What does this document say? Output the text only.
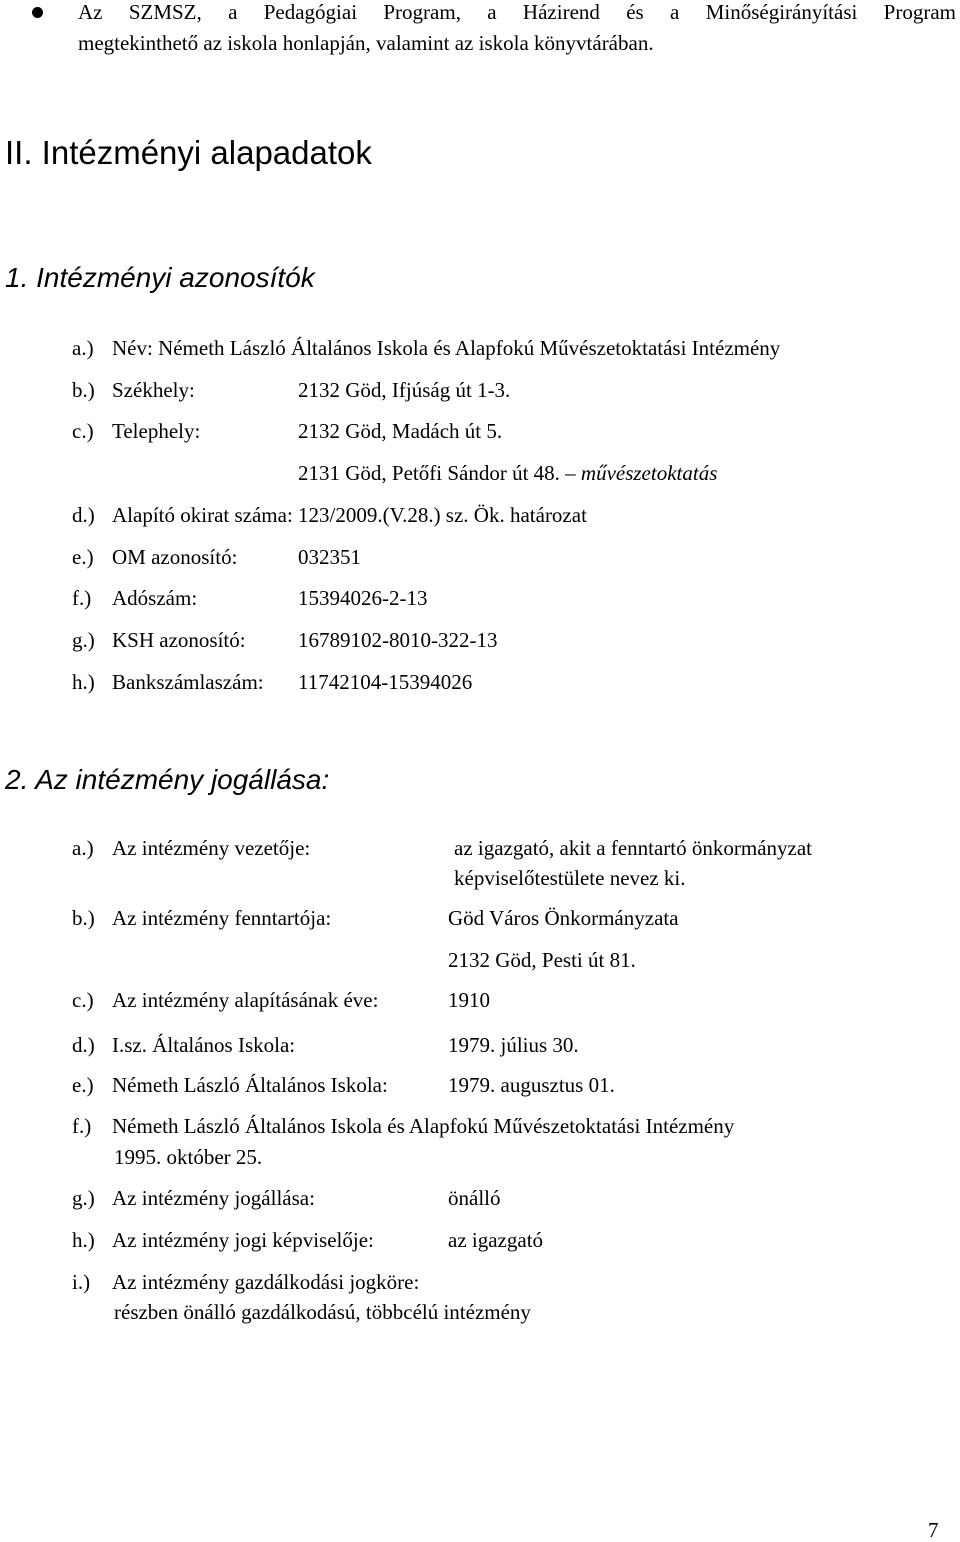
Az SZMSZ, a Pedagógiai Program, a Házirend és a Minőségirányítási Program
megtekinthető az iskola honlapján, valamint az iskola könyvtárában.
II. Intézményi alapadatok
1. Intézményi azonosítók
a.) Név: Németh László Általános Iskola és Alapfokú Művészetoktatási Intézmény
b.) Székhely:	2132 Göd, Ifjúság út 1-3.
c.) Telephely:	2132 Göd, Madách út 5.
2131 Göd, Petőfi Sándor út 48. – művészetoktatás
d.) Alapító okirat száma: 123/2009.(V.28.) sz. Ök. határozat
e.) OM azonosító:	032351
f.) Adószám:	15394026-2-13
g.) KSH azonosító: 16789102-8010-322-13
h.) Bankszámlaszám: 11742104-15394026
2. Az intézmény jogállása:
a.) Az intézmény vezetője:	az igazgató, akit a fenntartó önkormányzat
képviselőtestülete nevez ki.
b.) Az intézmény fenntartója:	Göd Város Önkormányzata
2132 Göd, Pesti út 81.
c.) Az intézmény alapításának éve:	1910
d.) I.sz. Általános Iskola:	1979. július 30.
e.) Németh László Általános Iskola:	1979. augusztus 01.
f.) Németh László Általános Iskola és Alapfokú Művészetoktatási Intézmény
1995. október 25.
g.) Az intézmény jogállása:	önálló
h.) Az intézmény jogi képviselője:	az igazgató
i.) Az intézmény gazdálkodási jogköre:
részben önálló gazdálkodású, többcélú intézmény
7
